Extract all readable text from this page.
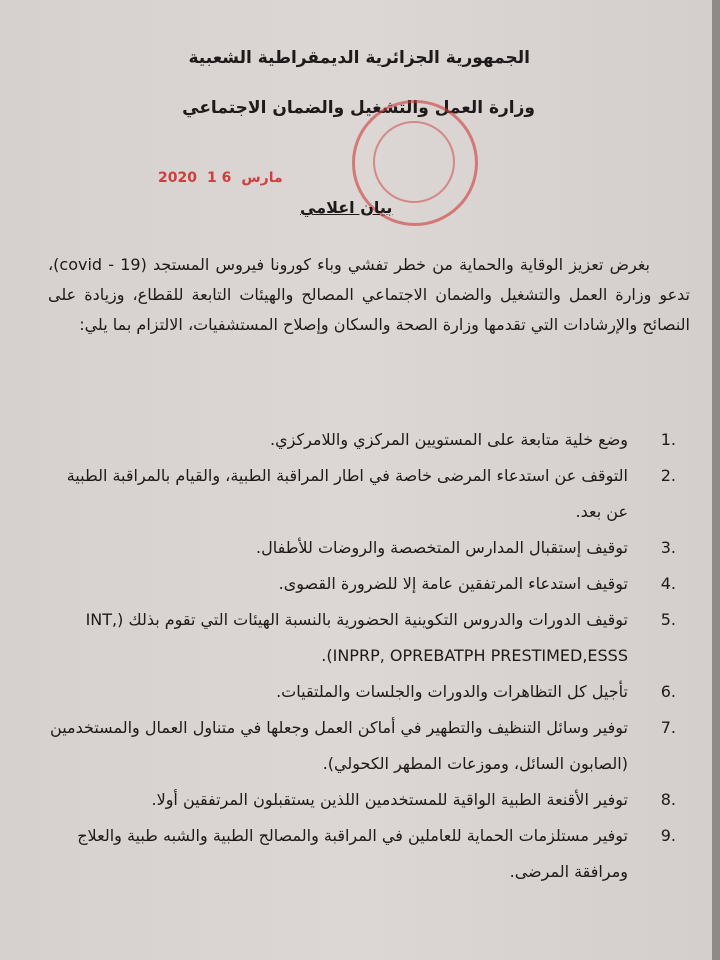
الجمهورية الجزائرية الديمقراطية الشعبية
وزارة العمل والتشغيل والضمان الاجتماعي
2020	مارس6 1
بيان اعلامي
بغرض تعزيز الوقاية والحماية من خطر تفشي وباء كورونا فيروس المستجد (covid - 19)، تدعو وزارة العمل والتشغيل والضمان الاجتماعي المصالح والهيئات التابعة للقطاع، وزيادة على النصائح والإرشادات التي تقدمها وزارة الصحة والسكان وإصلاح المستشفيات، الالتزام بما يلي:
1.
وضع خلية متابعة على المستويين المركزي واللامركزي.
2.
التوقف عن استدعاء المرضى خاصة في اطار المراقبة الطبية، والقيام بالمراقبة الطبية عن بعد.
3.
توقيف إستقبال المدارس المتخصصة والروضات للأطفال.
4.
توقيف استدعاء المرتفقين عامة إلا للضرورة القصوى.
5.
توقيف الدورات والدروس التكوينية الحضورية بالنسبة الهيئات التي تقوم بذلك (INT, INPRP, OPREBATPH PRESTIMED,ESSS).
6.
تأجيل كل التظاهرات والدورات والجلسات والملتقيات.
7.
توفير وسائل التنظيف والتطهير في أماكن العمل وجعلها في متناول العمال والمستخدمين (الصابون السائل، وموزعات المطهر الكحولي).
8.
توفير الأقنعة الطبية الواقية للمستخدمين اللذين يستقبلون المرتفقين أولا.
9.
توفير مستلزمات الحماية للعاملين في المراقبة والمصالح الطبية والشبه طبية والعلاج ومرافقة المرضى.
